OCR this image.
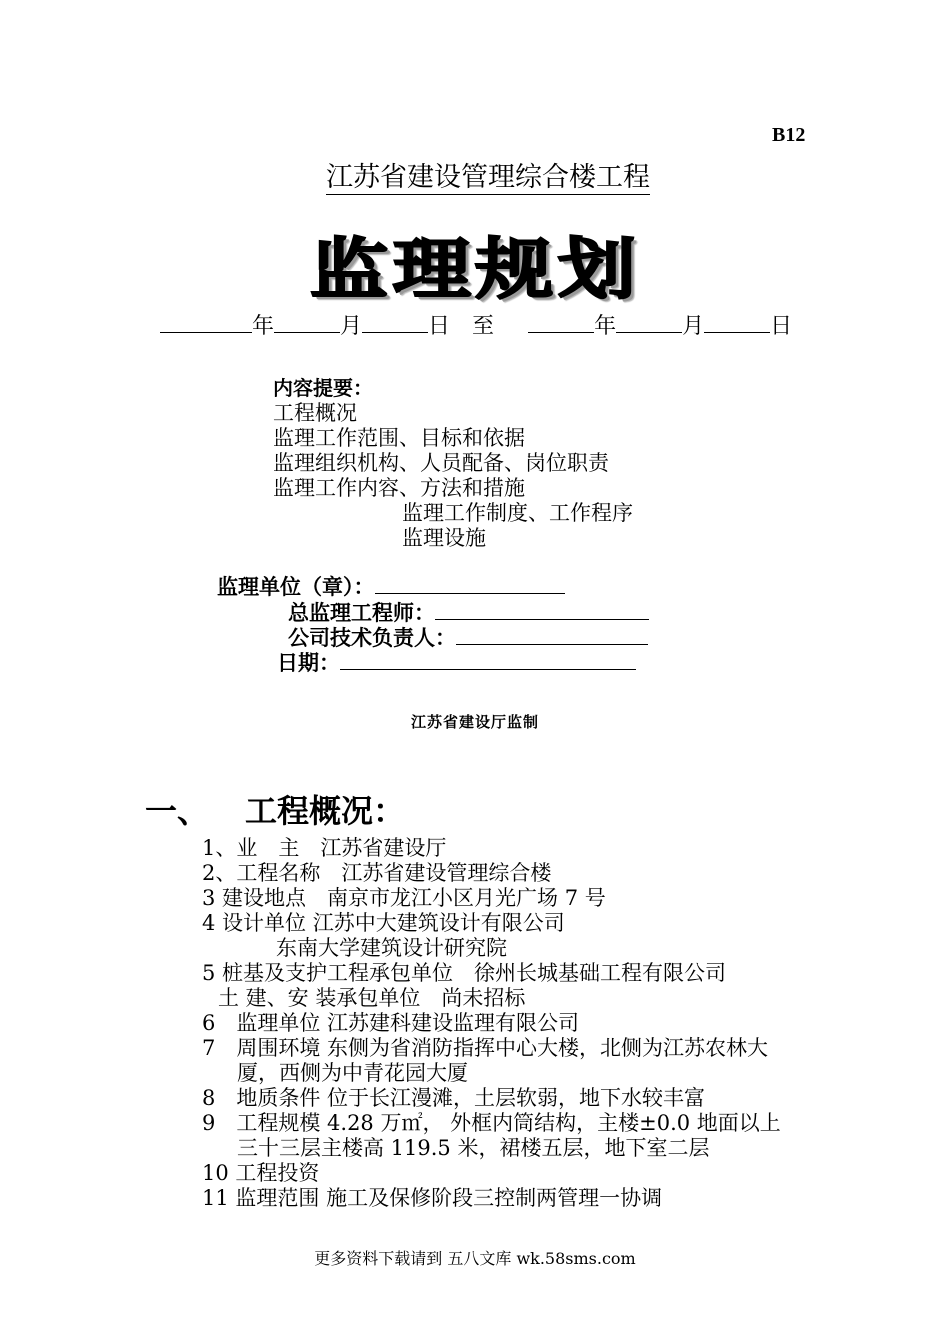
B12
江苏省建设管理综合楼工程
监理规划
年	月	日 至	年	月	日
内容提要：
工程概况
监理工作范围、目标和依据
监理组织机构、人员配备、岗位职责
监理工作内容、方法和措施
监理工作制度、工作程序
监理设施
监理单位（章）：
总监理工程师：
公司技术负责人：
日期：
江苏省建设厅监制
一、 工程概况：
1、业　主　江苏省建设厅
2、工程名称　江苏省建设管理综合楼
3 建设地点　南京市龙江小区月光广场 7 号
4 设计单位 江苏中大建筑设计有限公司
东南大学建筑设计研究院
5 桩基及支护工程承包单位　徐州长城基础工程有限公司
土 建、安 装承包单位　尚未招标
6　监理单位 江苏建科建设监理有限公司
7　周围环境 东侧为省消防指挥中心大楼，北侧为江苏农林大
厦，西侧为中青花园大厦
8　地质条件 位于长江漫滩，土层软弱，地下水较丰富
9　工程规模 4.28 万㎡， 外框内筒结构，主楼±0.0 地面以上
三十三层主楼高 119.5 米，裙楼五层，地下室二层
10 工程投资
11 监理范围 施工及保修阶段三控制两管理一协调
更多资料下载请到 五八文库 wk.58sms.com
